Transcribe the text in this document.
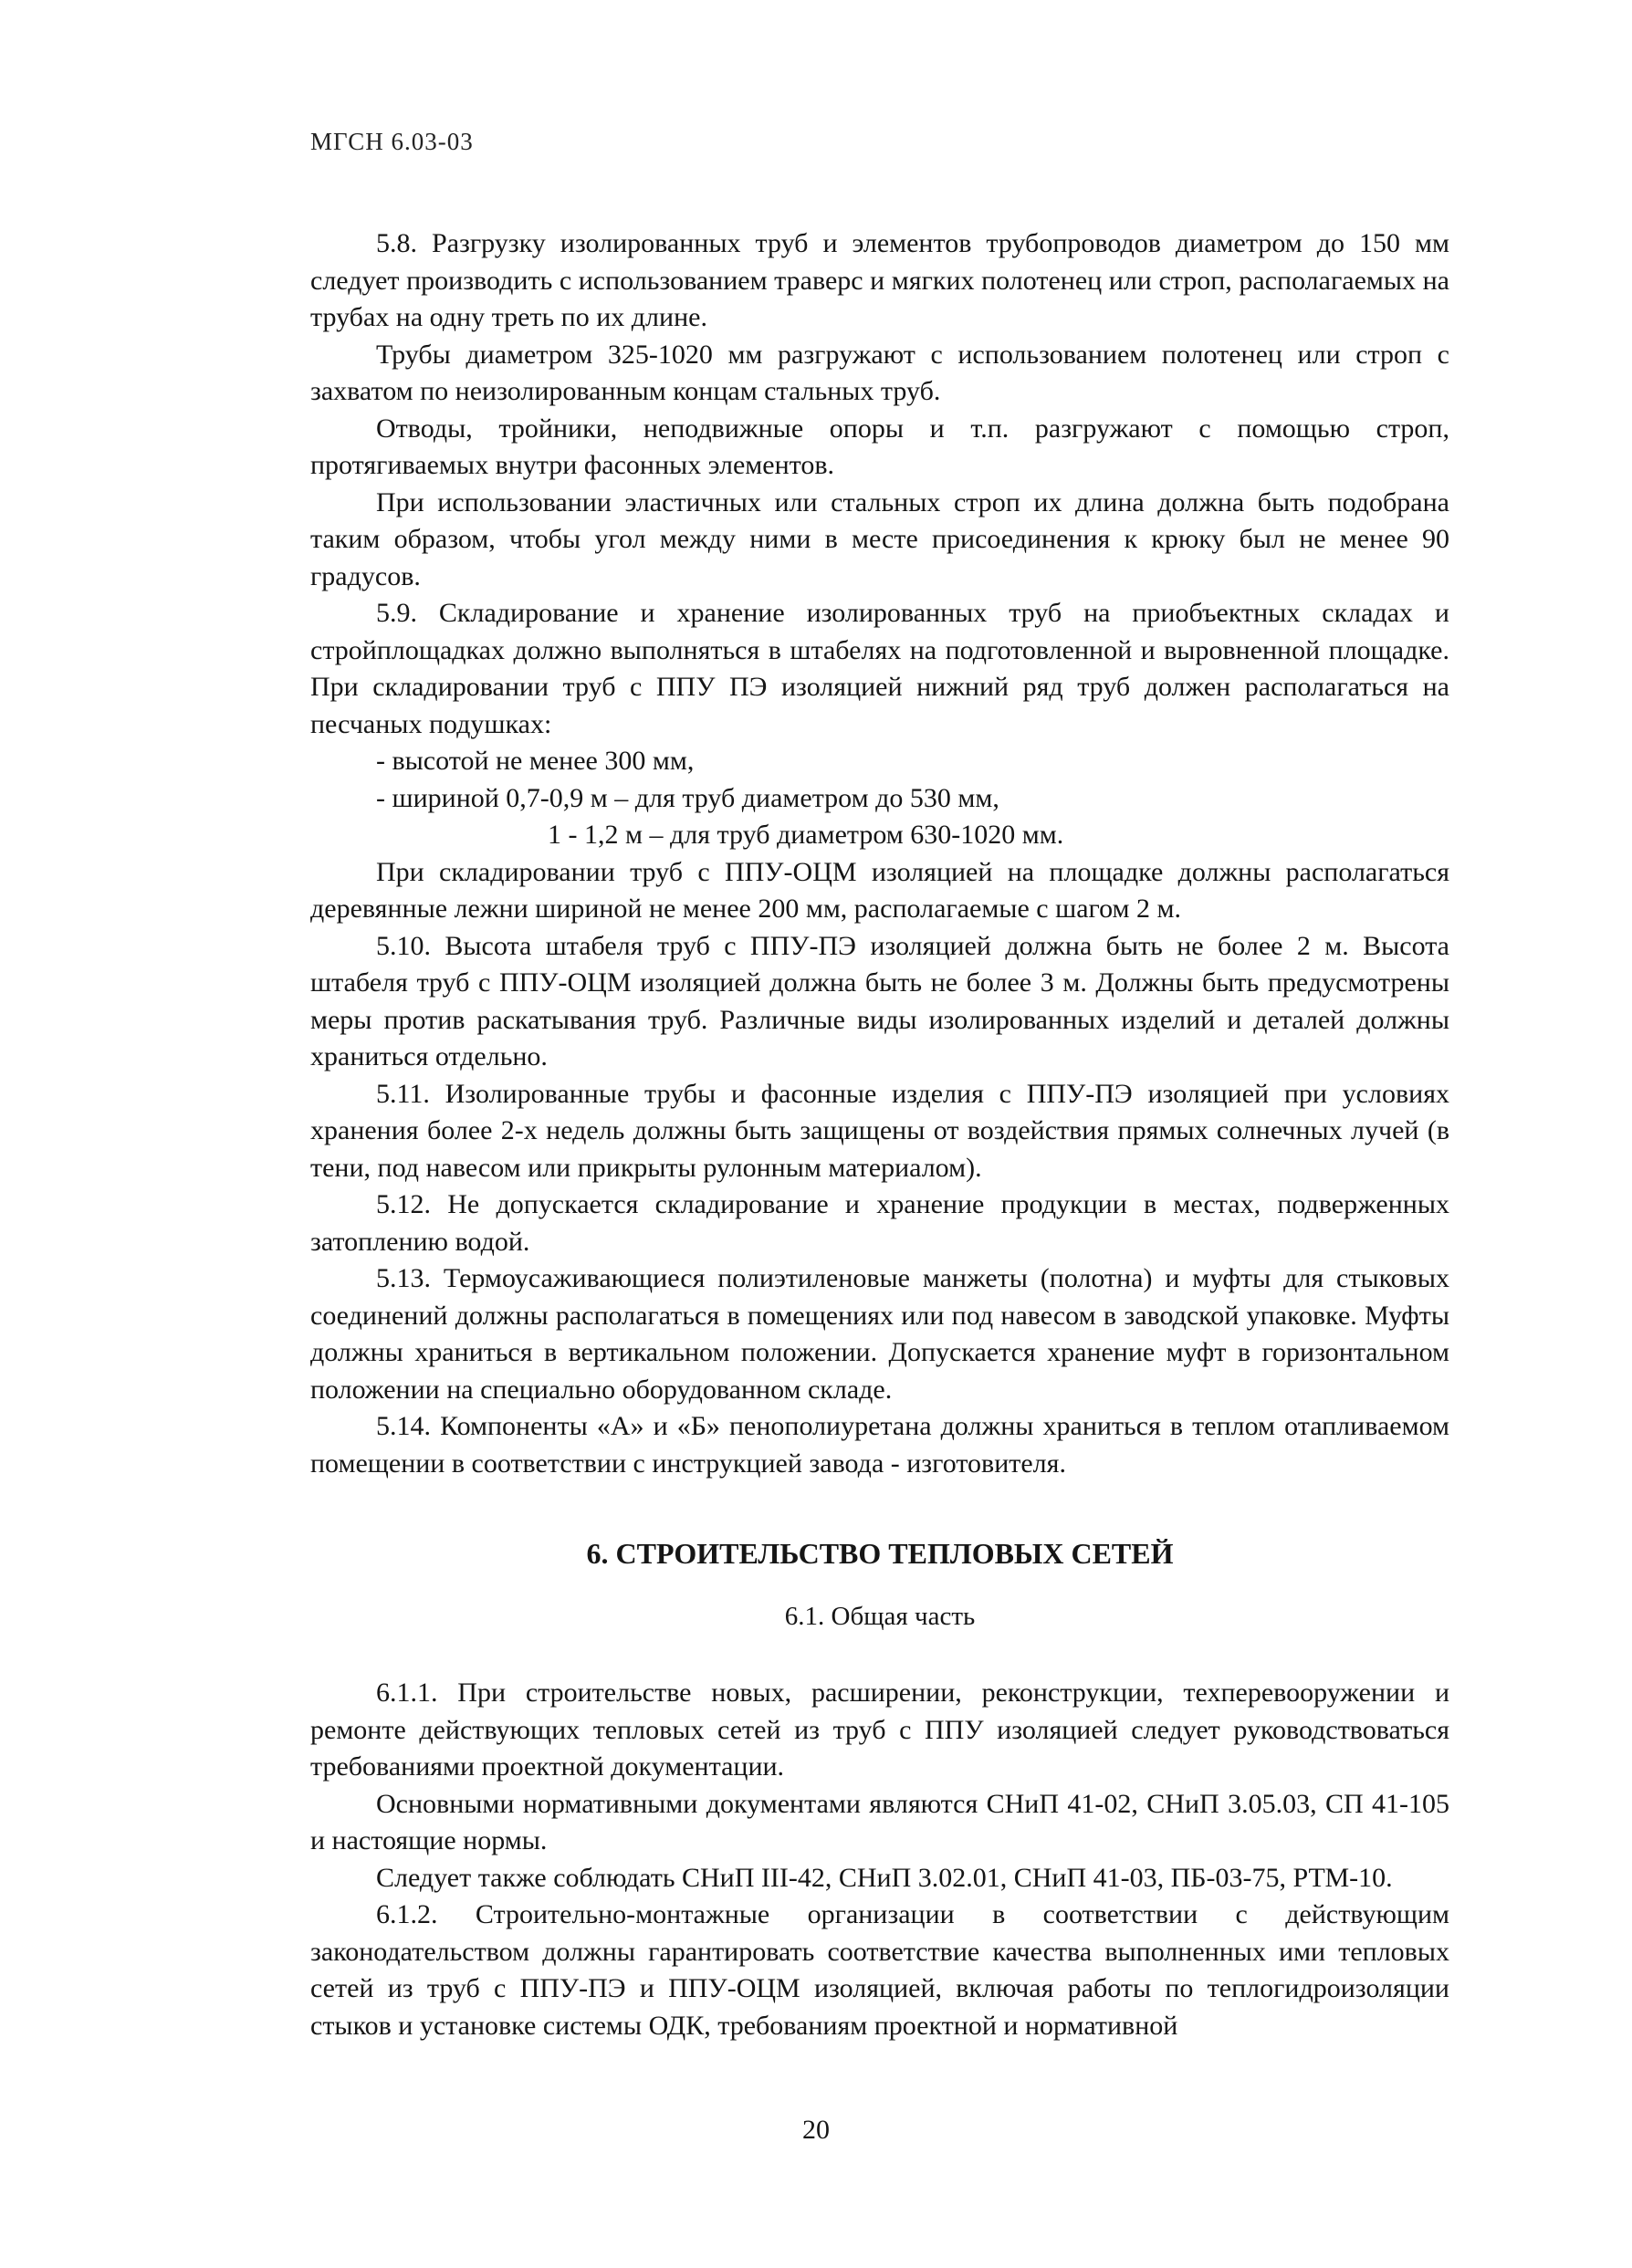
МГСН 6.03-03

5.8. Разгрузку изолированных труб и элементов трубопроводов диаметром до 150 мм следует производить с использованием траверс и мягких полотенец или строп, располагаемых на трубах на одну треть по их длине.

Трубы диаметром 325-1020 мм разгружают с использованием полотенец или строп с захватом по неизолированным концам стальных труб.

Отводы, тройники, неподвижные опоры и т.п. разгружают с помощью строп, протягиваемых внутри фасонных элементов.

При использовании эластичных или стальных строп их длина должна быть подобрана таким образом, чтобы угол между ними в месте присоединения к крюку был не менее 90 градусов.

5.9. Складирование и хранение изолированных труб на приобъектных складах и стройплощадках должно выполняться в штабелях на подготовленной и выровненной площадке. При складировании труб с ППУ ПЭ изоляцией нижний ряд труб должен располагаться на песчаных подушках:

- высотой не менее 300 мм,

- шириной 0,7-0,9 м – для труб диаметром до 530 мм,

1 - 1,2 м – для труб диаметром 630-1020 мм.

При складировании труб с ППУ-ОЦМ изоляцией на площадке должны располагаться деревянные лежни шириной не менее 200 мм, располагаемые с шагом 2 м.

5.10. Высота штабеля труб с ППУ-ПЭ изоляцией должна быть не более 2 м. Высота штабеля труб с ППУ-ОЦМ изоляцией должна быть не более 3 м. Должны быть предусмотрены меры против раскатывания труб. Различные виды изолированных изделий и деталей должны храниться отдельно.

5.11. Изолированные трубы и фасонные изделия с ППУ-ПЭ изоляцией при условиях хранения более 2-х недель должны быть защищены от воздействия прямых солнечных лучей (в тени, под навесом или прикрыты рулонным материалом).

5.12. Не допускается складирование и хранение продукции в местах, подверженных затоплению водой.

5.13. Термоусаживающиеся полиэтиленовые манжеты (полотна) и муфты для стыковых соединений должны располагаться в помещениях или под навесом в заводской упаковке. Муфты должны храниться в вертикальном положении. Допускается хранение муфт в горизонтальном положении на специально оборудованном складе.

5.14. Компоненты «А» и «Б» пенополиуретана должны храниться в теплом отапливаемом помещении в соответствии с инструкцией завода - изготовителя.

6. СТРОИТЕЛЬСТВО ТЕПЛОВЫХ СЕТЕЙ

6.1. Общая часть

6.1.1. При строительстве новых, расширении, реконструкции, техперевооружении и ремонте действующих тепловых сетей из труб с ППУ изоляцией следует руководствоваться требованиями проектной документации.

Основными нормативными документами являются СНиП 41-02, СНиП 3.05.03, СП 41-105 и настоящие нормы.

Следует также соблюдать СНиП III-42, СНиП 3.02.01, СНиП 41-03, ПБ-03-75, РТМ-10.

6.1.2. Строительно-монтажные организации в соответствии с действующим законодательством должны гарантировать соответствие качества выполненных ими тепловых сетей из труб с ППУ-ПЭ и ППУ-ОЦМ изоляцией, включая работы по теплогидроизоляции стыков и установке системы ОДК, требованиям проектной и нормативной

20
